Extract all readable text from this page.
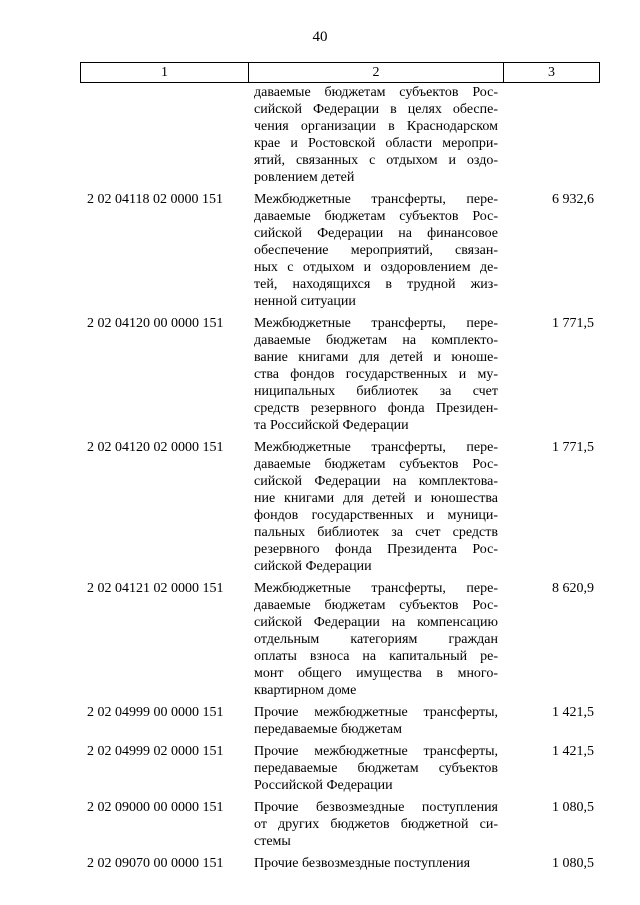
40
1	2	3
даваемые бюджетам субъектов Рос-
сийской Федерации в целях обеспе-
чения организации в Краснодарском
крае и Ростовской области меропри-
ятий, связанных с отдыхом и оздо-
ровлением детей
2 02 04118 02 0000 151	Межбюджетные трансферты, пере-
даваемые бюджетам субъектов Рос-
сийской Федерации на финансовое
обеспечение мероприятий, связан-
ных с отдыхом и оздоровлением де-
тей, находящихся в трудной жиз-
ненной ситуации
6 932,6
2 02 04120 00 0000 151	Межбюджетные трансферты, пере-
даваемые бюджетам на комплекто-
вание книгами для детей и юноше-
ства фондов государственных и му-
ниципальных библиотек за счет
средств резервного фонда Президен-
та Российской Федерации
1 771,5
2 02 04120 02 0000 151	Межбюджетные трансферты, пере-
даваемые бюджетам субъектов Рос-
сийской Федерации на комплектова-
ние книгами для детей и юношества
фондов государственных и муници-
пальных библиотек за счет средств
резервного фонда Президента Рос-
сийской Федерации
1 771,5
2 02 04121 02 0000 151	Межбюджетные трансферты, пере-
даваемые бюджетам субъектов Рос-
сийской Федерации на компенсацию
отдельным категориям граждан
оплаты взноса на капитальный ре-
монт общего имущества в много-
квартирном доме
8 620,9
2 02 04999 00 0000 151	Прочие межбюджетные трансферты,
передаваемые бюджетам
1 421,5
2 02 04999 02 0000 151	Прочие межбюджетные трансферты,
передаваемые бюджетам субъектов
Российской Федерации
1 421,5
2 02 09000 00 0000 151	Прочие безвозмездные поступления
от других бюджетов бюджетной си-
стемы
1 080,5
2 02 09070 00 0000 151	Прочие безвозмездные поступления	1 080,5
